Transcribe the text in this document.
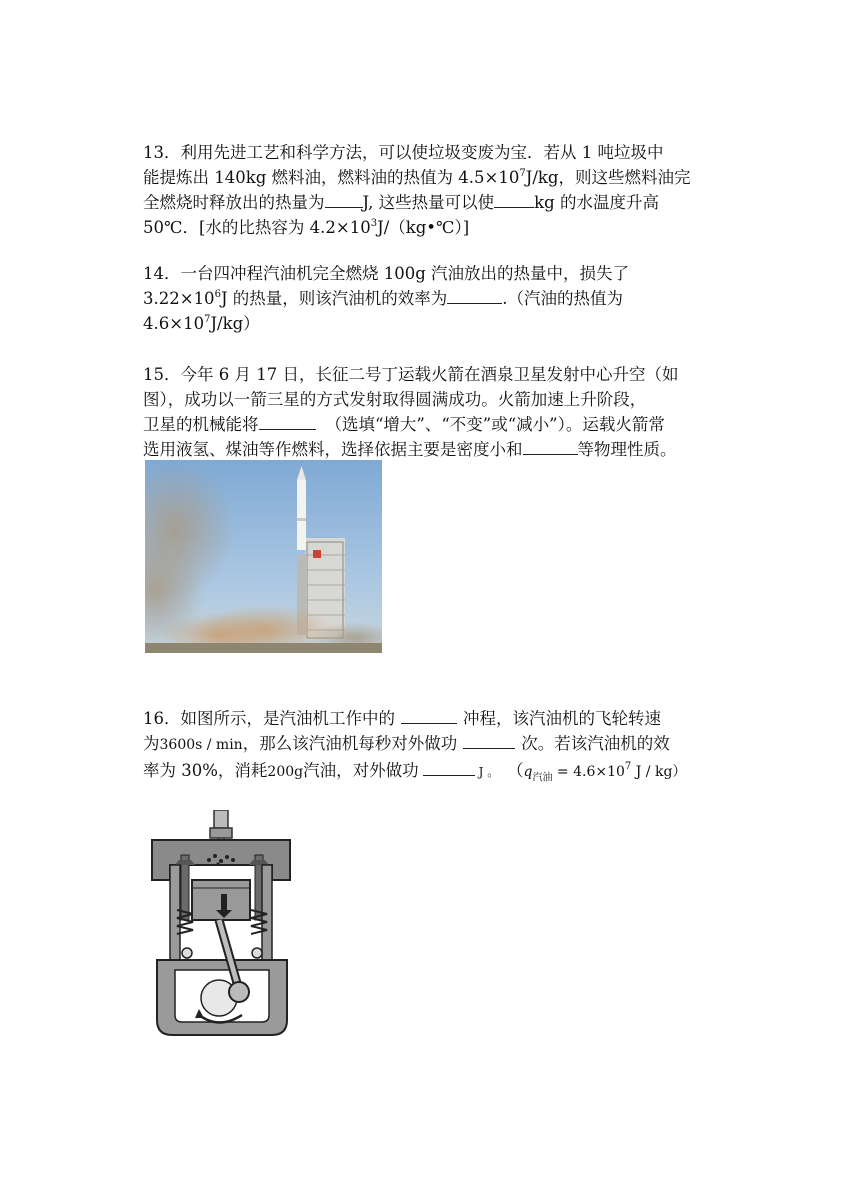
13．利用先进工艺和科学方法，可以使垃圾变废为宝．若从 1 吨垃圾中

能提炼出 140kg 燃料油，燃料油的热值为 $4.5\times 10^7J/kg$，则这些燃料油完

全燃烧时释放出的热量为 J, 这些热量可以使 kg 的水温度升高

50℃．[水的比热容为 $4.2\times 10^3J/(kg•℃)$]

14．一台四冲程汽油机完全燃烧 100g 汽油放出的热量中，损失了

$3.22\times 10^6J$ 的热量，则该汽油机的效率为	.（汽油的热值为

$4.6\times 10^7J/kg$）

15．今年 6 月 17 日，长征二号丁运载火箭在酒泉卫星发射中心升空（如

图），成功以一箭三星的方式发射取得圆满成功。火箭加速上升阶段，

卫星的机械能将	（选填“增大”、“不变”或“减小”）。运载火箭常

选用液氢、煤油等作燃料，选择依据主要是密度小和	等物理性质。

16．如图所示，是汽油机工作中的	冲程，该汽油机的飞轮转速

为3600s / min，那么该汽油机每秒对外做功	次。若该汽油机的效

率为 30%，消耗200g汽油，对外做功	J 。 （$q_{汽油} = 4.6\times 10^7$ J / kg）
